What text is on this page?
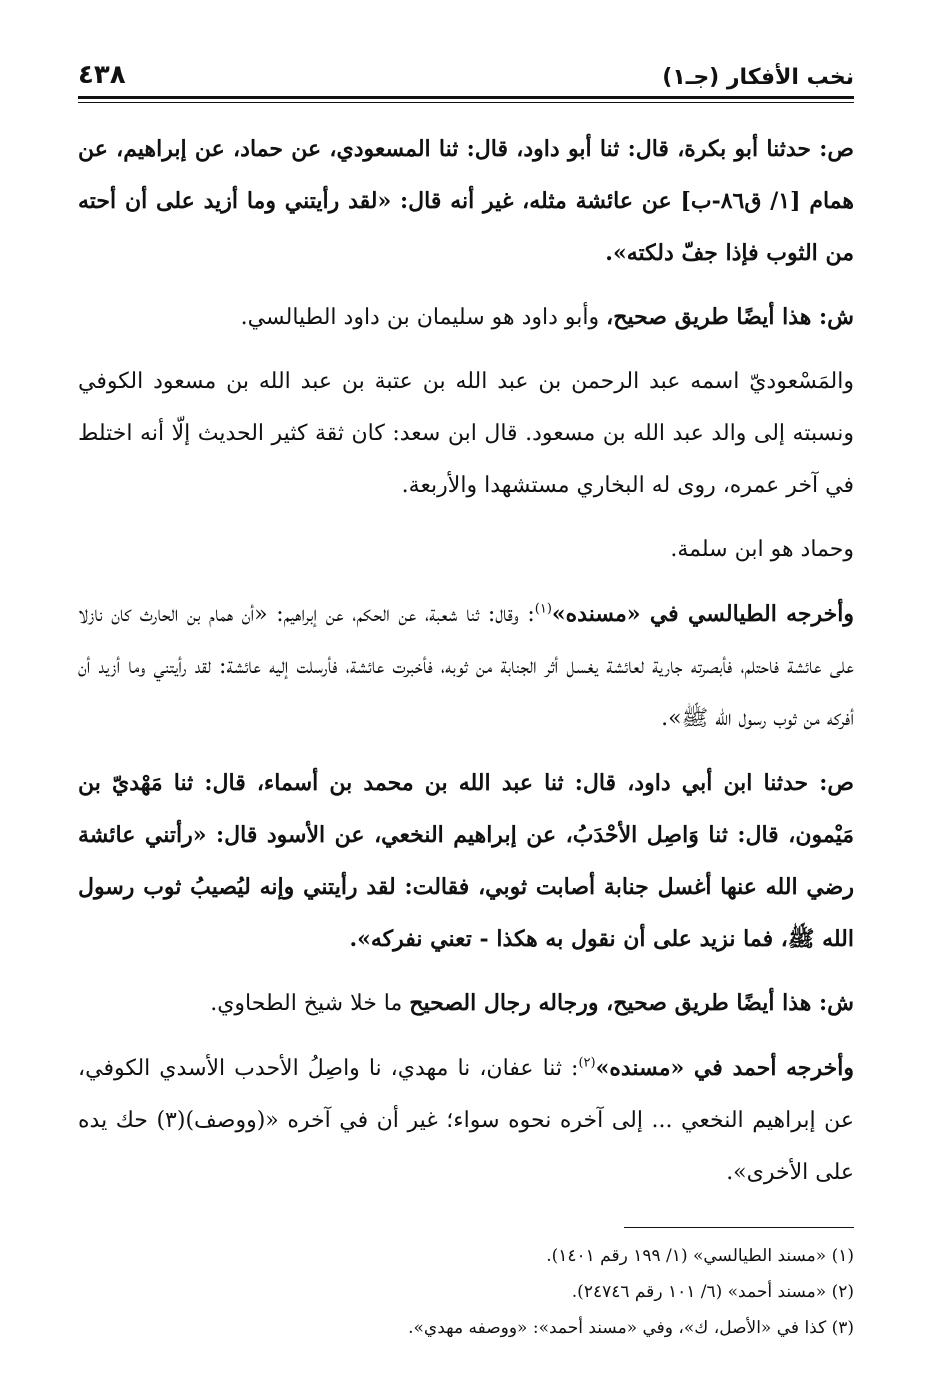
نخب الأفكار (جـ١)
٤٣٨

ص: حدثنا أبو بكرة، قال: ثنا أبو داود، قال: ثنا المسعودي، عن حماد، عن إبراهيم، عن همام [١/ ق٨٦-ب] عن عائشة مثله، غير أنه قال: «لقد رأيتني وما أزيد على أن أحته من الثوب فإذا جفّ دلكته».

ش: هذا أيضًا طريق صحيح، وأبو داود هو سليمان بن داود الطيالسي.

والمَسْعوديّ اسمه عبد الرحمن بن عبد الله بن عتبة بن عبد الله بن مسعود الكوفي ونسبته إلى والد عبد الله بن مسعود. قال ابن سعد: كان ثقة كثير الحديث إلّا أنه اختلط في آخر عمره، روى له البخاري مستشهدا والأربعة.

وحماد هو ابن سلمة.

وأخرجه الطيالسي في «مسنده»$^{(١)}$: وقال: ثنا شعبة، عن الحكم، عن إبراهيم: «أن همام بن الحارث كان نازلا على عائشة فاحتلم، فأبصرته جارية لعائشة يغسل أثر الجنابة من ثوبه، فأخبرت عائشة، فأرسلت إليه عائشة: لقد رأيتني وما أزيد أن أفركه من ثوب رسول الله ﷺ».

ص: حدثنا ابن أبي داود، قال: ثنا عبد الله بن محمد بن أسماء، قال: ثنا مَهْديّ بن مَيْمون، قال: ثنا وَاصِل الأحْدَبُ، عن إبراهيم النخعي، عن الأسود قال: «رأتني عائشة رضي الله عنها أغسل جنابة أصابت ثوبي، فقالت: لقد رأيتني وإنه ليُصيبُ ثوب رسول الله ﷺ، فما نزيد على أن نقول به هكذا - تعني نفركه».

ش: هذا أيضًا طريق صحيح، ورجاله رجال الصحيح ما خلا شيخ الطحاوي.

وأخرجه أحمد في «مسنده»$^{(٢)}$: ثنا عفان، نا مهدي، نا واصِلُ الأحدب الأسدي الكوفي، عن إبراهيم النخعي ... إلى آخره نحوه سواء؛ غير أن في آخره «(ووصف)(٣) حك يده على الأخرى».

(١) «مسند الطيالسي» (١/ ١٩٩ رقم ١٤٠١).

(٢) «مسند أحمد» (٦/ ١٠١ رقم ٢٤٧٤٦).

(٣) كذا في «الأصل، ك»، وفي «مسند أحمد»: «ووصفه مهدي».
